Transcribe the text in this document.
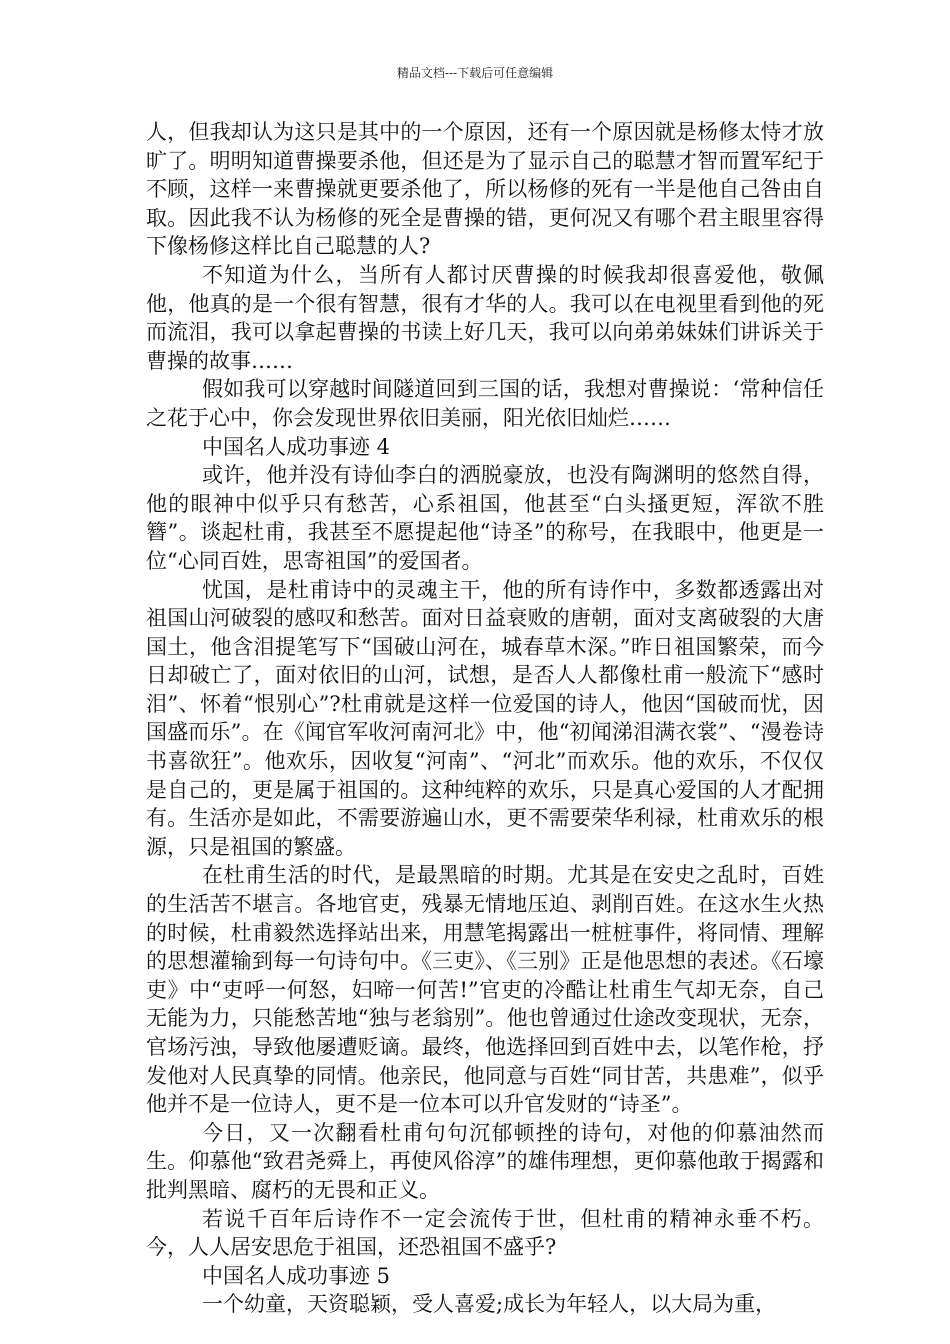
精品文档---下载后可任意编辑

人，但我却认为这只是其中的一个原因，还有一个原因就是杨修太恃才放旷了。明明知道曹操要杀他，但还是为了显示自己的聪慧才智而置军纪于不顾，这样一来曹操就更要杀他了，所以杨修的死有一半是他自己咎由自取。因此我不认为杨修的死全是曹操的错，更何况又有哪个君主眼里容得下像杨修这样比自己聪慧的人?

不知道为什么，当所有人都讨厌曹操的时候我却很喜爱他，敬佩他，他真的是一个很有智慧，很有才华的人。我可以在电视里看到他的死而流泪，我可以拿起曹操的书读上好几天，我可以向弟弟妹妹们讲诉关于曹操的故事……

假如我可以穿越时间隧道回到三国的话，我想对曹操说：‘常种信任之花于心中，你会发现世界依旧美丽，阳光依旧灿烂……

中国名人成功事迹 4

或许，他并没有诗仙李白的洒脱豪放，也没有陶渊明的悠然自得，他的眼神中似乎只有愁苦，心系祖国，他甚至“白头搔更短，浑欲不胜簪”。谈起杜甫，我甚至不愿提起他“诗圣”的称号，在我眼中，他更是一位“心同百姓，思寄祖国”的爱国者。

忧国，是杜甫诗中的灵魂主干，他的所有诗作中，多数都透露出对祖国山河破裂的感叹和愁苦。面对日益衰败的唐朝，面对支离破裂的大唐国土，他含泪提笔写下“国破山河在，城春草木深。”昨日祖国繁荣，而今日却破亡了，面对依旧的山河，试想，是否人人都像杜甫一般流下“感时泪”、怀着“恨别心”?杜甫就是这样一位爱国的诗人，他因“国破而忧，因国盛而乐”。在《闻官军收河南河北》中，他“初闻涕泪满衣裳”、“漫卷诗书喜欲狂”。他欢乐，因收复“河南”、“河北”而欢乐。他的欢乐，不仅仅是自己的，更是属于祖国的。这种纯粹的欢乐，只是真心爱国的人才配拥有。生活亦是如此，不需要游遍山水，更不需要荣华利禄，杜甫欢乐的根源，只是祖国的繁盛。

在杜甫生活的时代，是最黑暗的时期。尤其是在安史之乱时，百姓的生活苦不堪言。各地官吏，残暴无情地压迫、剥削百姓。在这水生火热的时候，杜甫毅然选择站出来，用慧笔揭露出一桩桩事件，将同情、理解的思想灌输到每一句诗句中。《三吏》、《三别》正是他思想的表述。《石壕吏》中“吏呼一何怒，妇啼一何苦!”官吏的冷酷让杜甫生气却无奈，自己无能为力，只能愁苦地“独与老翁别”。他也曾通过仕途改变现状，无奈，官场污浊，导致他屡遭贬谪。最终，他选择回到百姓中去，以笔作枪，抒发他对人民真挚的同情。他亲民，他同意与百姓“同甘苦，共患难”，似乎他并不是一位诗人，更不是一位本可以升官发财的“诗圣”。

今日，又一次翻看杜甫句句沉郁顿挫的诗句，对他的仰慕油然而生。仰慕他“致君尧舜上，再使风俗淳”的雄伟理想，更仰慕他敢于揭露和批判黑暗、腐朽的无畏和正义。

若说千百年后诗作不一定会流传于世，但杜甫的精神永垂不朽。今，人人居安思危于祖国，还恐祖国不盛乎?

中国名人成功事迹 5

一个幼童，天资聪颖，受人喜爱;成长为年轻人，以大局为重，
